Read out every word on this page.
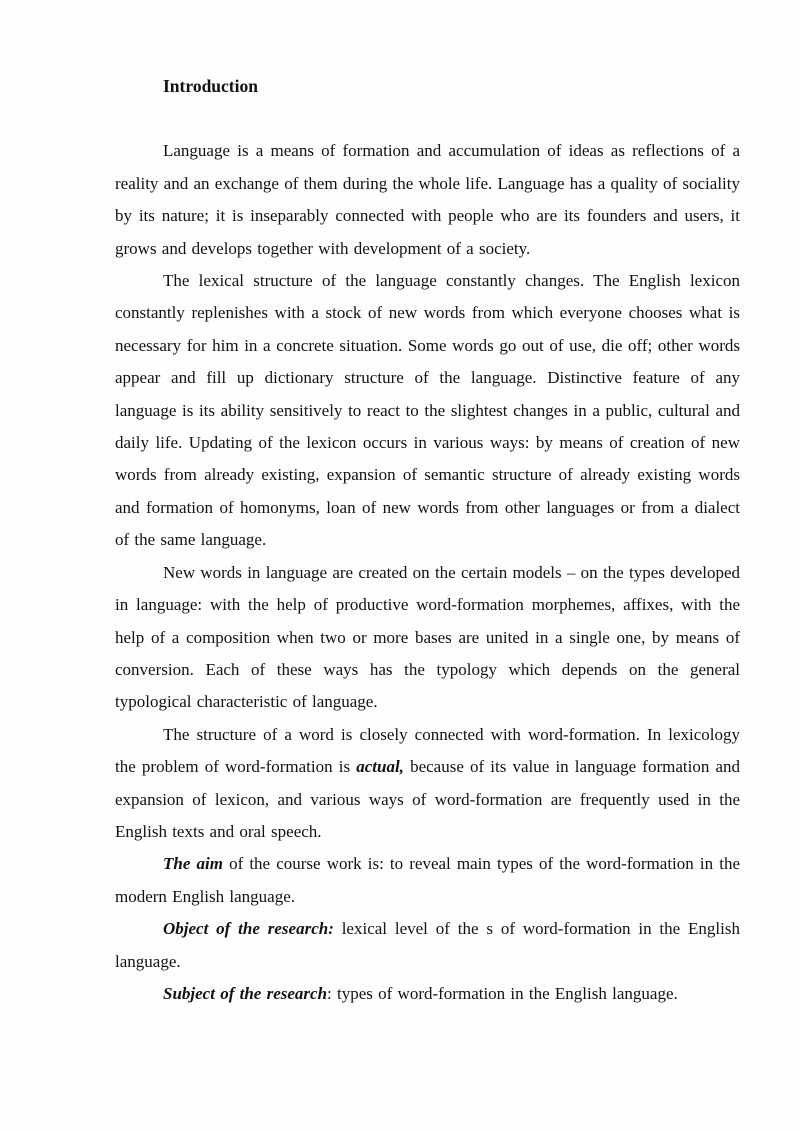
Introduction

Language is a means of formation and accumulation of ideas as reflections of a reality and an exchange of them during the whole life. Language has a quality of sociality by its nature; it is inseparably connected with people who are its founders and users, it grows and develops together with development of a society.

The lexical structure of the language constantly changes. The English lexicon constantly replenishes with a stock of new words from which everyone chooses what is necessary for him in a concrete situation. Some words go out of use, die off; other words appear and fill up dictionary structure of the language. Distinctive feature of any language is its ability sensitively to react to the slightest changes in a public, cultural and daily life. Updating of the lexicon occurs in various ways: by means of creation of new words from already existing, expansion of semantic structure of already existing words and formation of homonyms, loan of new words from other languages or from a dialect of the same language.

New words in language are created on the certain models – on the types developed in language: with the help of productive word-formation morphemes, affixes, with the help of a composition when two or more bases are united in a single one, by means of conversion. Each of these ways has the typology which depends on the general typological characteristic of language.

The structure of a word is closely connected with word-formation. In lexicology the problem of word-formation is actual, because of its value in language formation and expansion of lexicon, and various ways of word-formation are frequently used in the English texts and oral speech.

The aim of the course work is: to reveal main types of the word-formation in the modern English language.

Object of the research: lexical level of the s of word-formation in the English language.

Subject of the research: types of word-formation in the English language.
